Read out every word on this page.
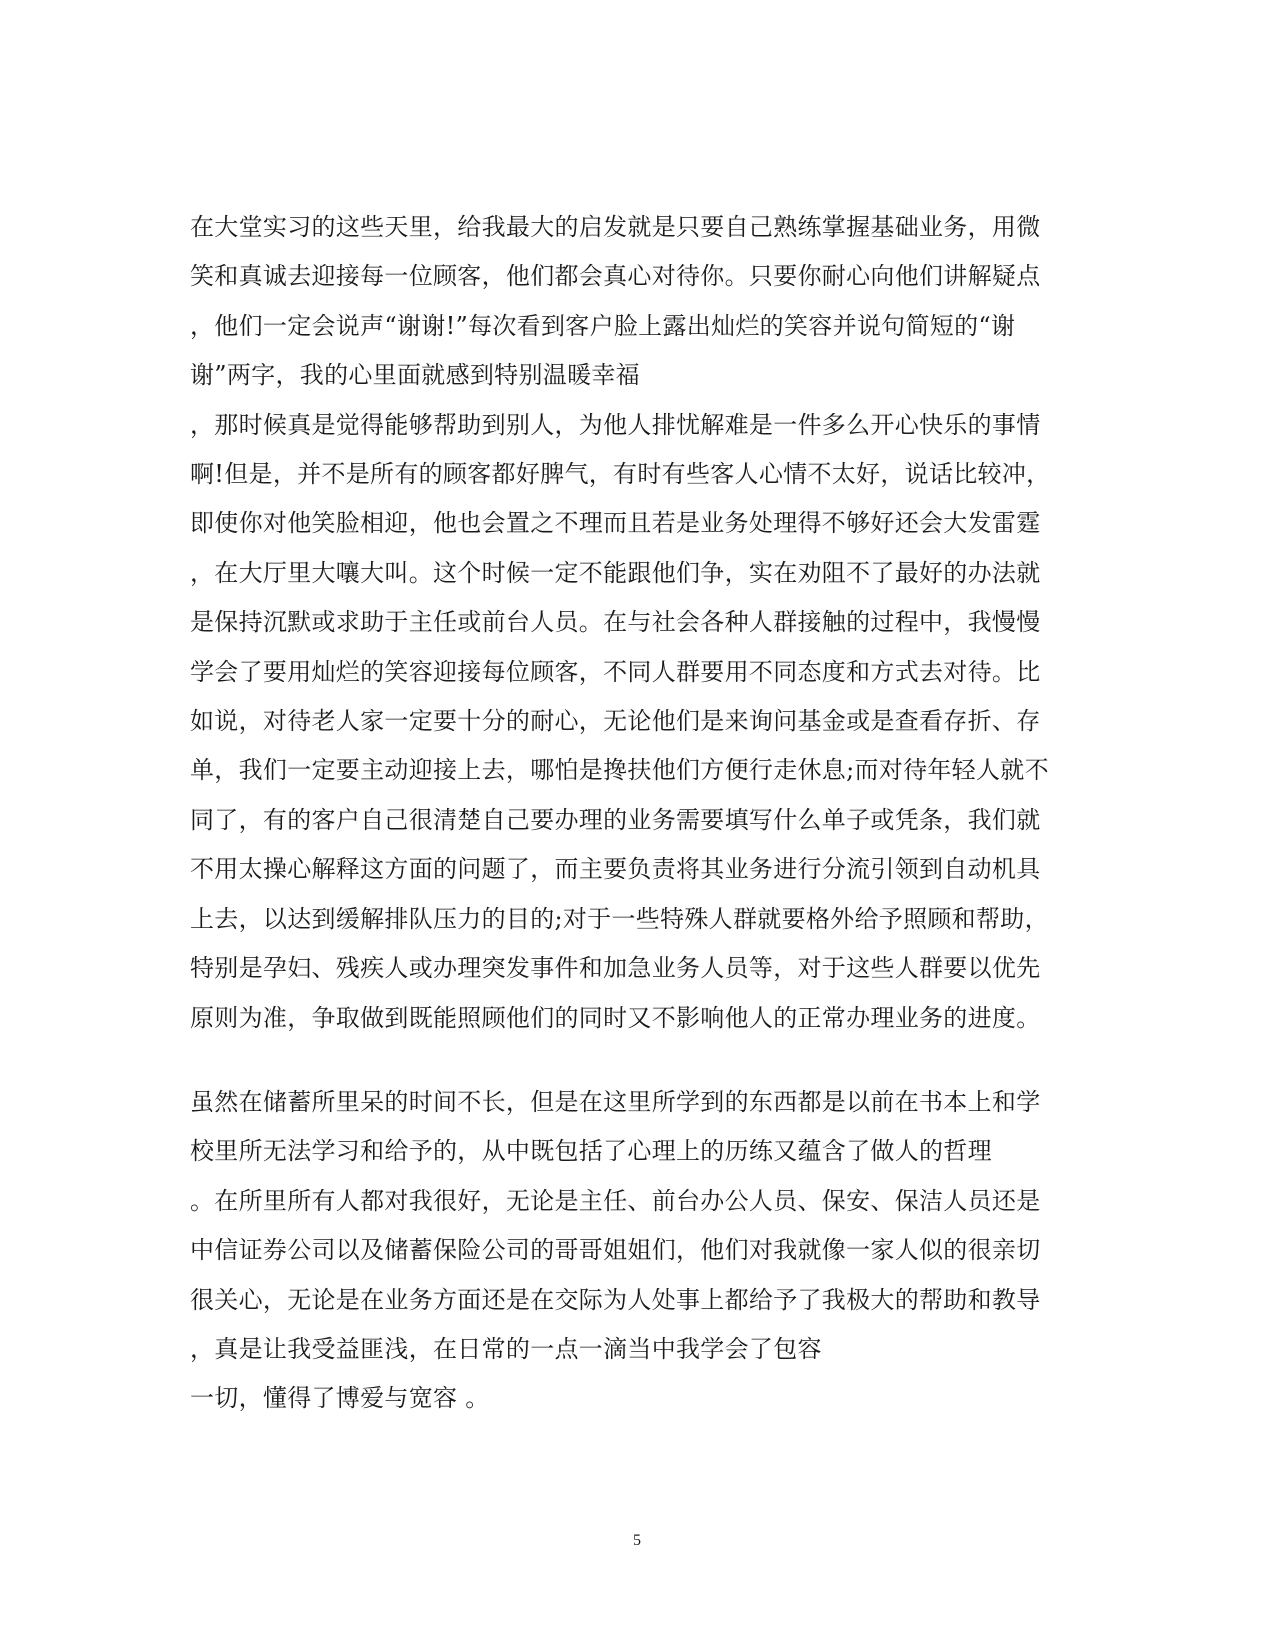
在大堂实习的这些天里，给我最大的启发就是只要自己熟练掌握基础业务，用微
笑和真诚去迎接每一位顾客，他们都会真心对待你。只要你耐心向他们讲解疑点
，他们一定会说声“谢谢!”每次看到客户脸上露出灿烂的笑容并说句简短的“谢
谢”两字，我的心里面就感到特别温暖幸福
，那时候真是觉得能够帮助到别人，为他人排忧解难是一件多么开心快乐的事情
啊!但是，并不是所有的顾客都好脾气，有时有些客人心情不太好，说话比较冲，
即使你对他笑脸相迎，他也会置之不理而且若是业务处理得不够好还会大发雷霆
，在大厅里大嚷大叫。这个时候一定不能跟他们争，实在劝阻不了最好的办法就
是保持沉默或求助于主任或前台人员。在与社会各种人群接触的过程中，我慢慢
学会了要用灿烂的笑容迎接每位顾客，不同人群要用不同态度和方式去对待。比
如说，对待老人家一定要十分的耐心，无论他们是来询问基金或是查看存折、存
单，我们一定要主动迎接上去，哪怕是搀扶他们方便行走休息;而对待年轻人就不
同了，有的客户自己很清楚自己要办理的业务需要填写什么单子或凭条，我们就
不用太操心解释这方面的问题了，而主要负责将其业务进行分流引领到自动机具
上去，以达到缓解排队压力的目的;对于一些特殊人群就要格外给予照顾和帮助，
特别是孕妇、残疾人或办理突发事件和加急业务人员等，对于这些人群要以优先
原则为准，争取做到既能照顾他们的同时又不影响他人的正常办理业务的进度。
虽然在储蓄所里呆的时间不长，但是在这里所学到的东西都是以前在书本上和学
校里所无法学习和给予的，从中既包括了心理上的历练又蕴含了做人的哲理
。在所里所有人都对我很好，无论是主任、前台办公人员、保安、保洁人员还是
中信证券公司以及储蓄保险公司的哥哥姐姐们，他们对我就像一家人似的很亲切
很关心，无论是在业务方面还是在交际为人处事上都给予了我极大的帮助和教导
，真是让我受益匪浅，在日常的一点一滴当中我学会了包容
一切，懂得了博爱与宽容 。
5
